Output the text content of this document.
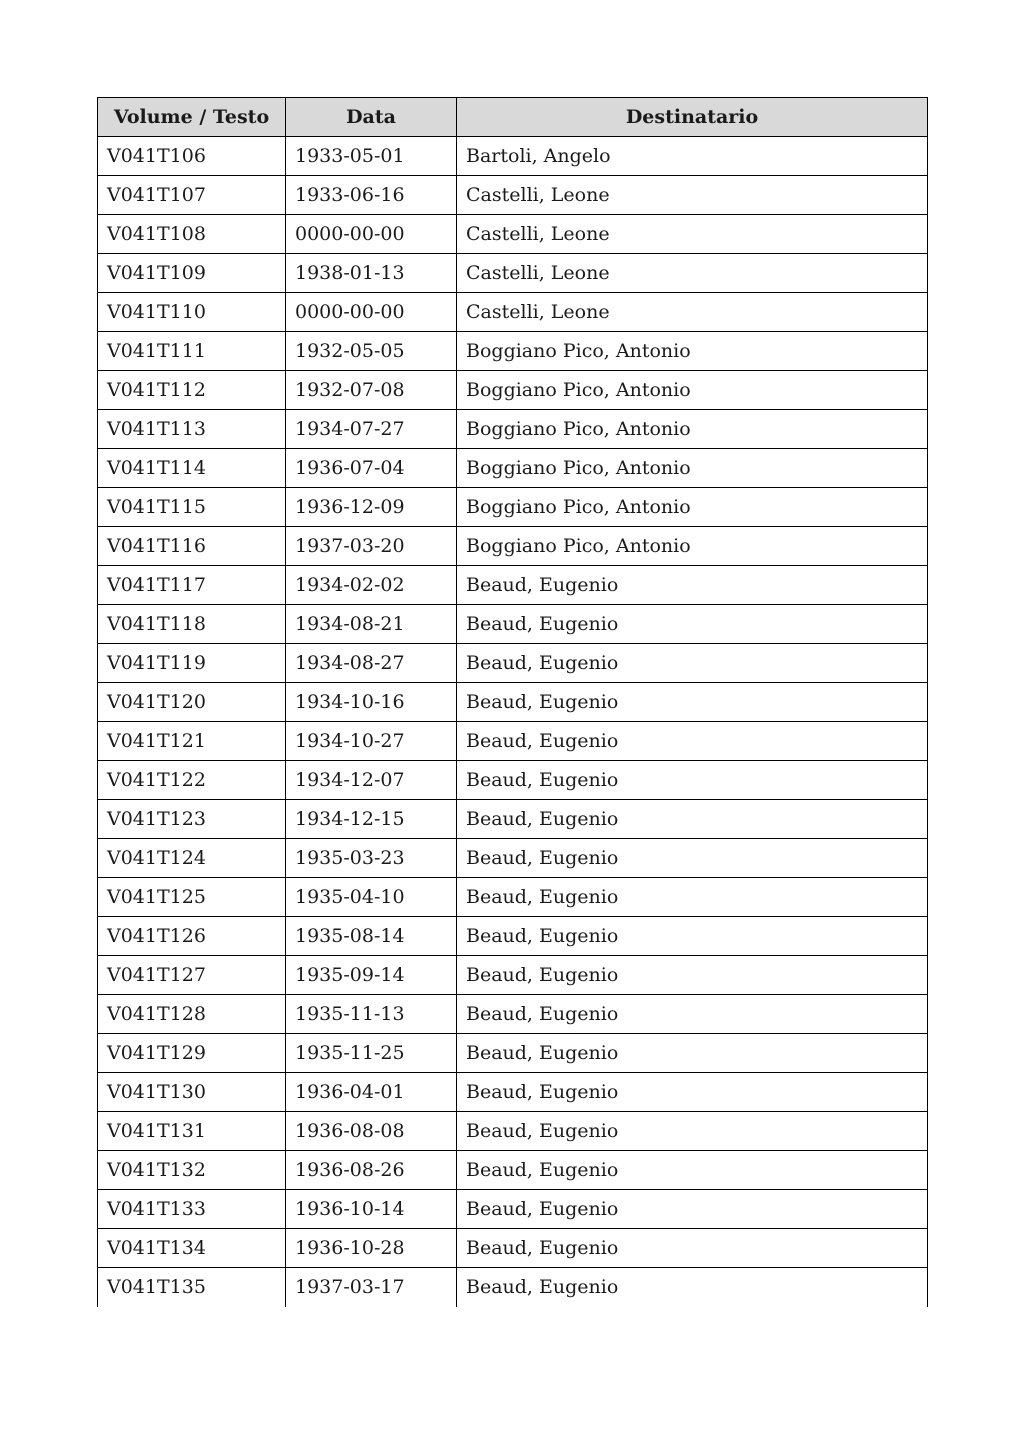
Volume / Testo	Data	Destinatario
V041T106	1933-05-01	Bartoli, Angelo
V041T107	1933-06-16	Castelli, Leone
V041T108	0000-00-00	Castelli, Leone
V041T109	1938-01-13	Castelli, Leone
V041T110	0000-00-00	Castelli, Leone
V041T111	1932-05-05	Boggiano Pico, Antonio
V041T112	1932-07-08	Boggiano Pico, Antonio
V041T113	1934-07-27	Boggiano Pico, Antonio
V041T114	1936-07-04	Boggiano Pico, Antonio
V041T115	1936-12-09	Boggiano Pico, Antonio
V041T116	1937-03-20	Boggiano Pico, Antonio
V041T117	1934-02-02	Beaud, Eugenio
V041T118	1934-08-21	Beaud, Eugenio
V041T119	1934-08-27	Beaud, Eugenio
V041T120	1934-10-16	Beaud, Eugenio
V041T121	1934-10-27	Beaud, Eugenio
V041T122	1934-12-07	Beaud, Eugenio
V041T123	1934-12-15	Beaud, Eugenio
V041T124	1935-03-23	Beaud, Eugenio
V041T125	1935-04-10	Beaud, Eugenio
V041T126	1935-08-14	Beaud, Eugenio
V041T127	1935-09-14	Beaud, Eugenio
V041T128	1935-11-13	Beaud, Eugenio
V041T129	1935-11-25	Beaud, Eugenio
V041T130	1936-04-01	Beaud, Eugenio
V041T131	1936-08-08	Beaud, Eugenio
V041T132	1936-08-26	Beaud, Eugenio
V041T133	1936-10-14	Beaud, Eugenio
V041T134	1936-10-28	Beaud, Eugenio
V041T135	1937-03-17	Beaud, Eugenio
